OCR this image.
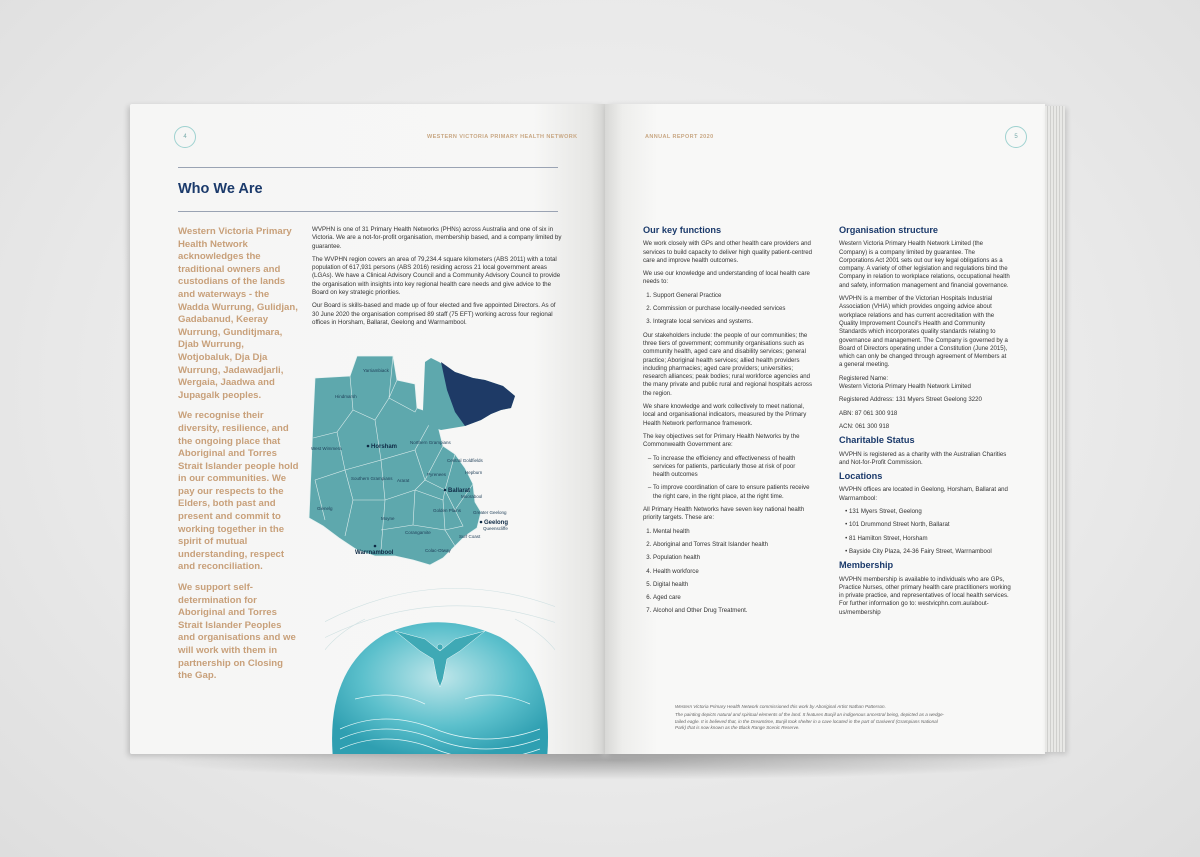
4	WESTERN VICTORIA PRIMARY HEALTH NETWORK
Who We Are

Western Victoria Primary Health Network acknowledges the traditional owners and custodians of the lands and waterways - the Wadda Wurrung, Gulidjan, Gadabanud, Keeray Wurrung, Gunditjmara, Djab Wurrung, Wotjobaluk, Dja Dja Wurrung, Jadawadjarli, Wergaia, Jaadwa and Jupagalk peoples.

We recognise their diversity, resilience, and the ongoing place that Aboriginal and Torres Strait Islander people hold in our communities. We pay our respects to the Elders, both past and present and commit to working together in the spirit of mutual understanding, respect and reconciliation.

We support self-determination for Aboriginal and Torres Strait Islander Peoples and organisations and we will work with them in partnership on Closing the Gap.

WVPHN is one of 31 Primary Health Networks (PHNs) across Australia and one of six in Victoria. We are a not-for-profit organisation, membership based, and a company limited by guarantee.

The WVPHN region covers an area of 79,234.4 square kilometers (ABS 2011) with a total population of 617,931 persons (ABS 2016) residing across 21 local government areas (LGAs). We have a Clinical Advisory Council and a Community Advisory Council to provide the organisation with insights into key regional health care needs and give advice to the Board on key strategic priorities.

Our Board is skills-based and made up of four elected and five appointed Directors. As of 30 June 2020 the organisation comprised 89 staff (75 EFT) working across four regional offices in Horsham, Ballarat, Geelong and Warrnambool.

Yarriambiack
Hindmarsh
West Wimmera	Horsham
Northern Grampians
Central Goldfields
Hepburn
Pyrenees
Ballarat
Moorabool
Golden Plains
Southern Grampians Ararat
Glenelg
Moyne
Corangamite
Warrnambool	Colac-Otway
Surf Coast
Greater Geelong
Geelong
Queenscliffe
ANNUAL REPORT 2020	5
Our key functions

We work closely with GPs and other health care providers and services to build capacity to deliver high quality patient-centred care and improve health outcomes.

We use our knowledge and understanding of local health care needs to:

1. Support General Practice
2. Commission or purchase locally-needed services
3. Integrate local services and systems.

Our stakeholders include: the people of our communities; the three tiers of government; community organisations such as community health, aged care and disability services; general practice; Aboriginal health services; allied health providers including pharmacies; aged care providers; universities; research alliances; peak bodies; rural workforce agencies and the many private and public rural and regional hospitals across the region.

We share knowledge and work collectively to meet national, local and organisational indicators, measured by the Primary Health Network performance framework.

The key objectives set for Primary Health Networks by the Commonwealth Government are:

– To increase the efficiency and effectiveness of health services for patients, particularly those at risk of poor health outcomes
– To improve coordination of care to ensure patients receive the right care, in the right place, at the right time.

All Primary Health Networks have seven key national health priority targets. These are:

1. Mental health
2. Aboriginal and Torres Strait Islander health
3. Population health
4. Health workforce
5. Digital health
6. Aged care
7. Alcohol and Other Drug Treatment.
Organisation structure

Western Victoria Primary Health Network Limited (the Company) is a company limited by guarantee. The Corporations Act 2001 sets out our key legal obligations as a company. A variety of other legislation and regulations bind the Company in relation to workplace relations, occupational health and safety, information management and financial governance.

WVPHN is a member of the Victorian Hospitals Industrial Association (VHIA) which provides ongoing advice about workplace relations and has current accreditation with the Quality Improvement Council's Health and Community Standards which incorporates quality standards relating to governance and management. The Company is governed by a Board of Directors operating under a Constitution (June 2015), which can only be changed through agreement of Members at a general meeting.

Registered Name:

Western Victoria Primary Health Network Limited

Registered Address: 131 Myers Street Geelong 3220

ABN: 87 061 300 918

ACN: 061 300 918

Charitable Status

WVPHN is registered as a charity with the Australian Charities and Not-for-Profit Commission.

Locations

WVPHN offices are located in Geelong, Horsham, Ballarat and Warrnambool:

• 131 Myers Street, Geelong
• 101 Drummond Street North, Ballarat
• 81 Hamilton Street, Horsham
• Bayside City Plaza, 24-36 Fairy Street, Warrnambool
Membership

WVPHN membership is available to individuals who are GPs, Practice Nurses, other primary health care practitioners working in private practice, and representatives of local health services. For further information go to: westvicphn.com.au/about-us/membership

Western Victoria Primary Health Network commissioned this work by Aboriginal Artist Nathan Patterson.

The painting depicts natural and spiritual elements of the land. It features Bunjil an indigenous ancestral being, depicted as a wedge-tailed eagle. It is believed that, in the Dreamtime, Bunjil took shelter in a cave located in the part of Gariwerd (Grampians National Park) that is now known as the Black Range Scenic Reserve.
